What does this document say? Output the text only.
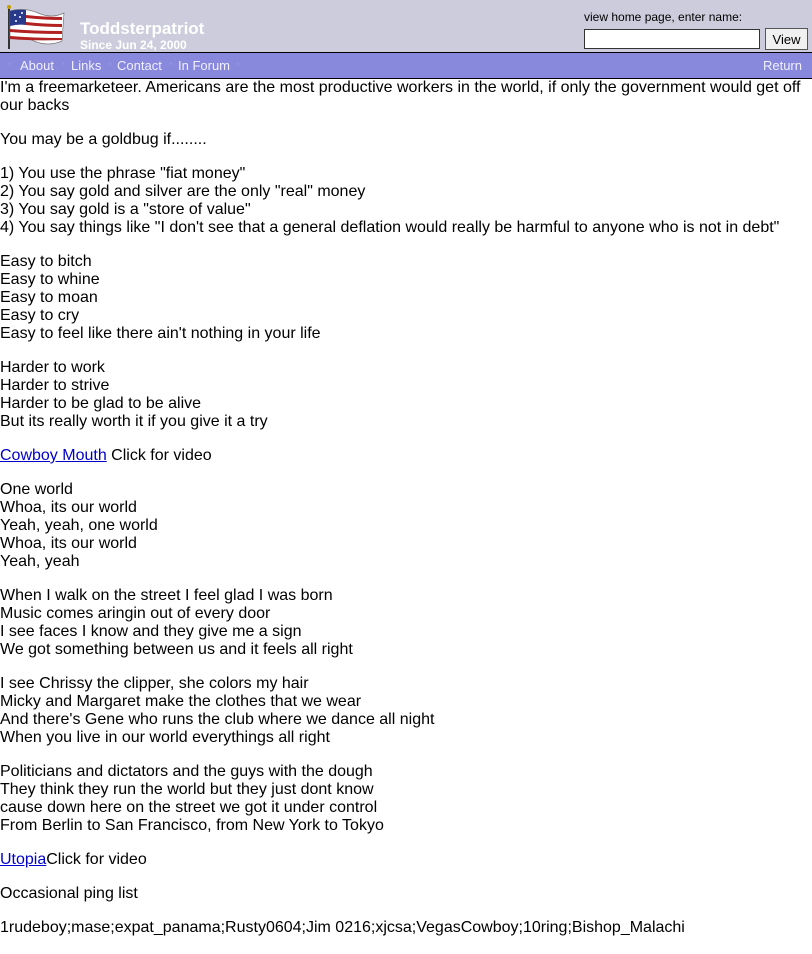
Toddsterpatriot
Since Jun 24, 2000
view home page, enter name:
View
· About · Links · Contact · In Forum ·	Return

I'm a freemarketeer. Americans are the most productive workers in the world, if only the government would get off our backs

You may be a goldbug if........

1) You use the phrase "fiat money"
2) You say gold and silver are the only "real" money
3) You say gold is a "store of value"
4) You say things like "I don't see that a general deflation would really be harmful to anyone who is not in debt"

Easy to bitch
Easy to whine
Easy to moan
Easy to cry
Easy to feel like there ain't nothing in your life

Harder to work
Harder to strive
Harder to be glad to be alive
But its really worth it if you give it a try

Cowboy Mouth Click for video

One world
Whoa, its our world
Yeah, yeah, one world
Whoa, its our world
Yeah, yeah

When I walk on the street I feel glad I was born
Music comes aringin out of every door
I see faces I know and they give me a sign
We got something between us and it feels all right

I see Chrissy the clipper, she colors my hair
Micky and Margaret make the clothes that we wear
And there's Gene who runs the club where we dance all night
When you live in our world everythings all right

Politicians and dictators and the guys with the dough
They think they run the world but they just dont know
cause down here on the street we got it under control
From Berlin to San Francisco, from New York to Tokyo

UtopiaClick for video

Occasional ping list

1rudeboy;mase;expat_panama;Rusty0604;Jim 0216;xjcsa;VegasCowboy;10ring;Bishop_Malachi
